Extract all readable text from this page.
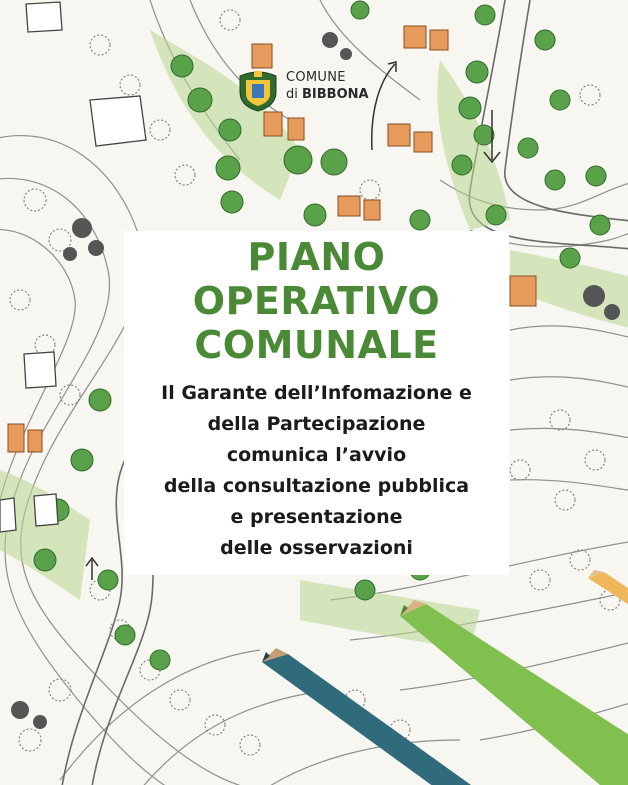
COMUNE
di BIBBONA
PIANO
OPERATIVO
COMUNALE
Il Garante dell’Infomazione e
della Partecipazione
comunica l’avvio
della consultazione pubblica
e presentazione
delle osservazioni
